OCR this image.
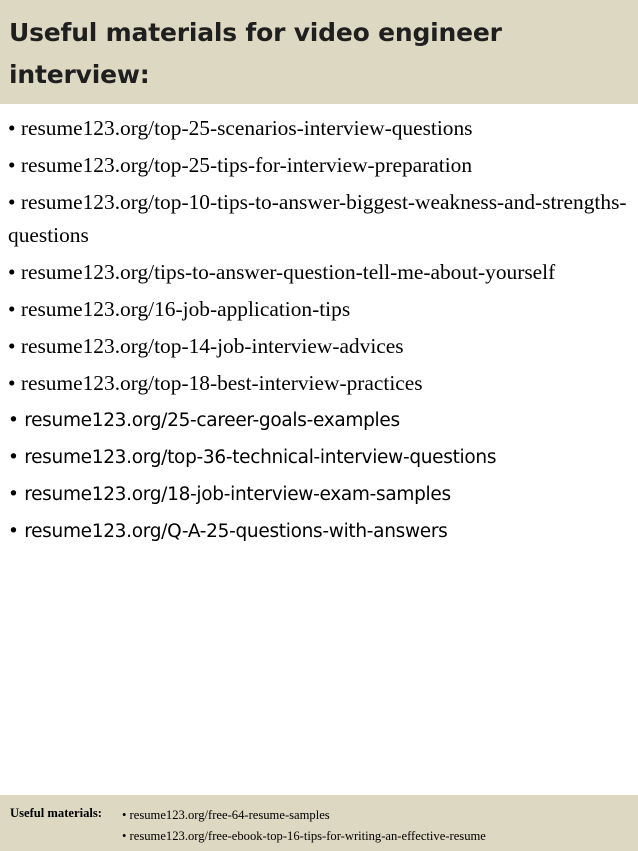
Useful materials for video engineer interview:
• resume123.org/top-25-scenarios-interview-questions
• resume123.org/top-25-tips-for-interview-preparation
• resume123.org/top-10-tips-to-answer-biggest-weakness-and-strengths-questions
• resume123.org/tips-to-answer-question-tell-me-about-yourself
• resume123.org/16-job-application-tips
• resume123.org/top-14-job-interview-advices
• resume123.org/top-18-best-interview-practices
• resume123.org/25-career-goals-examples
• resume123.org/top-36-technical-interview-questions
• resume123.org/18-job-interview-exam-samples
• resume123.org/Q-A-25-questions-with-answers
Useful materials: • resume123.org/free-64-resume-samples
• resume123.org/free-ebook-top-16-tips-for-writing-an-effective-resume
